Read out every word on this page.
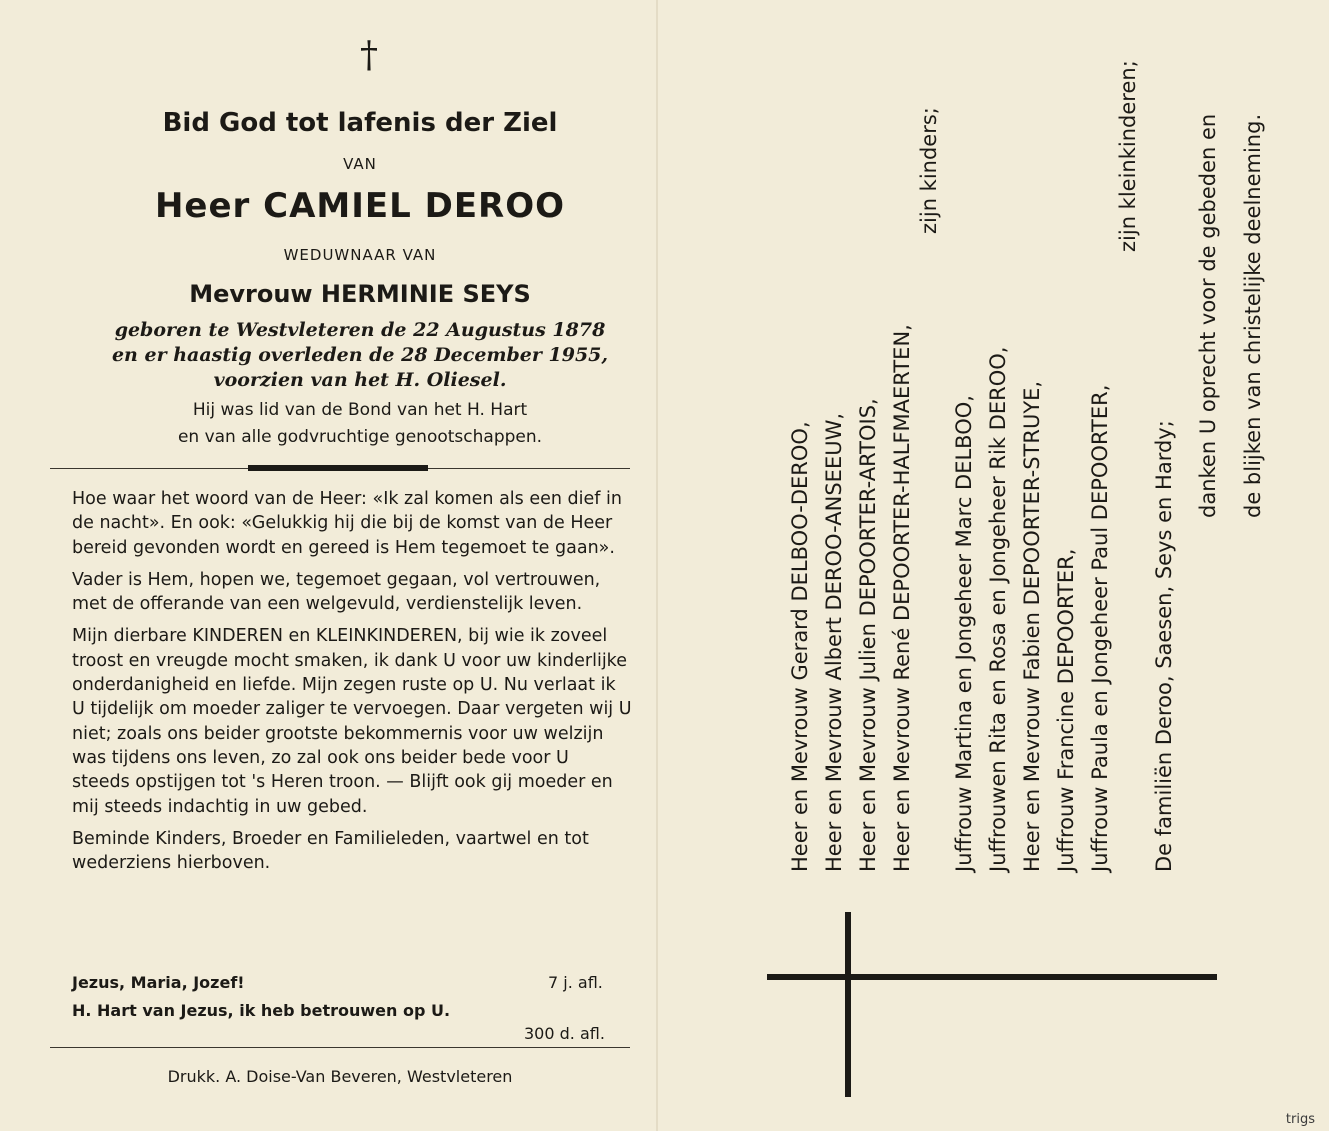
†
Bid God tot lafenis der Ziel
VAN
Heer CAMIEL DEROO
WEDUWNAAR VAN
Mevrouw HERMINIE SEYS
geboren te Westvleteren de 22 Augustus 1878
en er haastig overleden de 28 December 1955,
voorzien van het H. Oliesel.
Hij was lid van de Bond van het H. Hart
en van alle godvruchtige genootschappen.

Hoe waar het woord van de Heer: «Ik zal komen als een dief in de nacht». En ook: «Gelukkig hij die bij de komst van de Heer bereid gevonden wordt en gereed is Hem tegemoet te gaan».

Vader is Hem, hopen we, tegemoet gegaan, vol vertrouwen, met de offerande van een welgevuld, verdienstelijk leven.

Mijn dierbare KINDEREN en KLEINKINDEREN, bij wie ik zoveel troost en vreugde mocht smaken, ik dank U voor uw kinderlijke onderdanigheid en liefde. Mijn zegen ruste op U. Nu verlaat ik U tijdelijk om moeder zaliger te vervoegen. Daar vergeten wij U niet; zoals ons beider grootste bekommernis voor uw welzijn was tijdens ons leven, zo zal ook ons beider bede voor U steeds opstijgen tot 's Heren troon. — Blijft ook gij moeder en mij steeds indachtig in uw gebed.

Beminde Kinders, Broeder en Familieleden, vaartwel en tot wederziens hierboven.

Jezus, Maria, Jozef!	7 j. afl.
H. Hart van Jezus, ik heb betrouwen op U.
300 d. afl.
Drukk. A. Doise-Van Beveren, Westvleteren
Heer en Mevrouw Gerard DELBOO-DEROO, Heer en Mevrouw Albert DEROO-ANSEEUW, Heer en Mevrouw Julien DEPOORTER-ARTOIS, Heer en Mevrouw René DEPOORTER-HALFMAERTEN,
zijn kinders;
Juffrouw Martina en Jongeheer Marc DELBOO, Juffrouwen Rita en Rosa en Jongeheer Rik DEROO, Heer en Mevrouw Fabien DEPOORTER-STRUYE, Juffrouw Francine DEPOORTER, Juffrouw Paula en Jongeheer Paul DEPOORTER,
zijn kleinkinderen;
De familiën Deroo, Saesen, Seys en Hardy;
danken U oprecht voor de gebeden en de blijken van christelijke deelneming.
trigs
